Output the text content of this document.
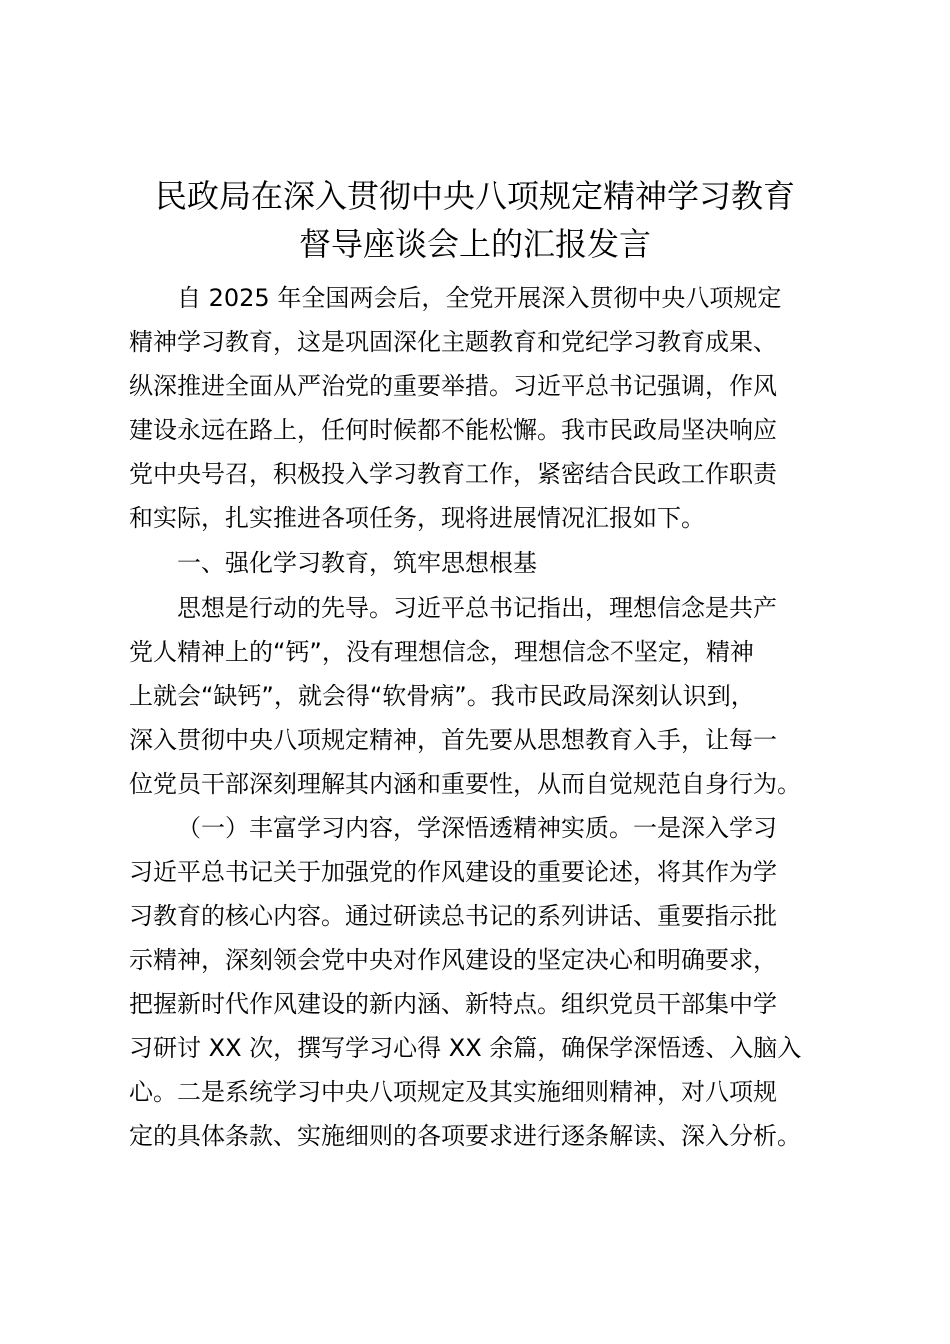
民政局在深入贯彻中央八项规定精神学习教育
督导座谈会上的汇报发言
自 2025 年全国两会后，全党开展深入贯彻中央八项规定
精神学习教育，这是巩固深化主题教育和党纪学习教育成果、
纵深推进全面从严治党的重要举措。习近平总书记强调，作风
建设永远在路上，任何时候都不能松懈。我市民政局坚决响应
党中央号召，积极投入学习教育工作，紧密结合民政工作职责
和实际，扎实推进各项任务，现将进展情况汇报如下。
一、强化学习教育，筑牢思想根基
思想是行动的先导。习近平总书记指出，理想信念是共产
党人精神上的“钙”，没有理想信念，理想信念不坚定，精神
上就会“缺钙”，就会得“软骨病”。我市民政局深刻认识到，
深入贯彻中央八项规定精神，首先要从思想教育入手，让每一
位党员干部深刻理解其内涵和重要性，从而自觉规范自身行为。
（一）丰富学习内容，学深悟透精神实质。一是深入学习
习近平总书记关于加强党的作风建设的重要论述，将其作为学
习教育的核心内容。通过研读总书记的系列讲话、重要指示批
示精神，深刻领会党中央对作风建设的坚定决心和明确要求，
把握新时代作风建设的新内涵、新特点。组织党员干部集中学
习研讨 XX 次，撰写学习心得 XX 余篇，确保学深悟透、入脑入
心。二是系统学习中央八项规定及其实施细则精神，对八项规
定的具体条款、实施细则的各项要求进行逐条解读、深入分析。
